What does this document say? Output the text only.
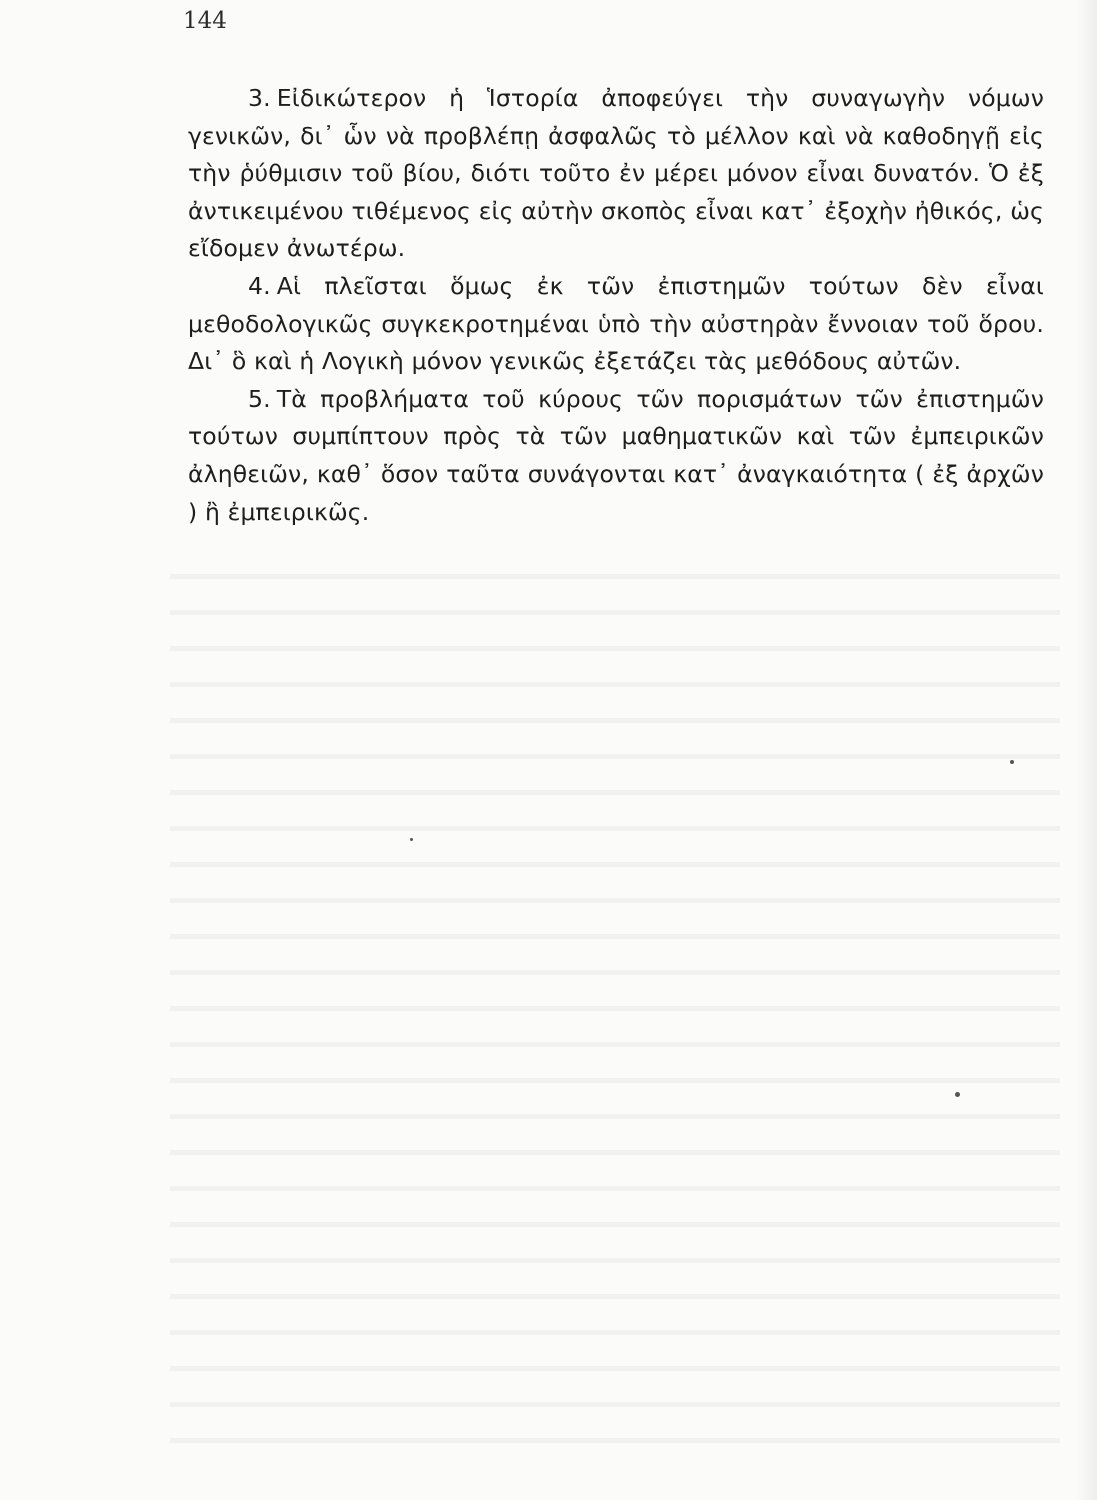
144

3. Εἰδικώτερον ἡ Ἱστορία ἀποφεύγει τὴν συναγωγὴν νόμων γενικῶν, δι᾽ ὧν νὰ προβλέπῃ ἀσφαλῶς τὸ μέλλον καὶ νὰ καθοδηγῇ εἰς τὴν ῥύθμισιν τοῦ βίου, διότι τοῦτο ἐν μέρει μόνον εἶναι δυνατόν. Ὁ ἐξ ἀντικειμένου τιθέμενος εἰς αὐτὴν σκοπὸς εἶναι κατ᾽ ἐξοχὴν ἠθικός, ὡς εἴδομεν ἀνωτέρω.

4. Αἱ πλεῖσται ὅμως ἐκ τῶν ἐπιστημῶν τούτων δὲν εἶναι μεθοδολογικῶς συγκεκροτημέναι ὑπὸ τὴν αὐστηρὰν ἔννοιαν τοῦ ὅρου. Δι᾽ ὃ καὶ ἡ Λογικὴ μόνον γενικῶς ἐξετάζει τὰς μεθόδους αὐτῶν.

5. Τὰ προβλήματα τοῦ κύρους τῶν πορισμάτων τῶν ἐπιστημῶν τούτων συμπίπτουν πρὸς τὰ τῶν μαθηματικῶν καὶ τῶν ἐμπειρικῶν ἀληθειῶν, καθ᾽ ὅσον ταῦτα συνάγονται κατ᾽ ἀναγκαιότητα ( ἐξ ἀρχῶν ) ἢ ἐμπειρικῶς.
